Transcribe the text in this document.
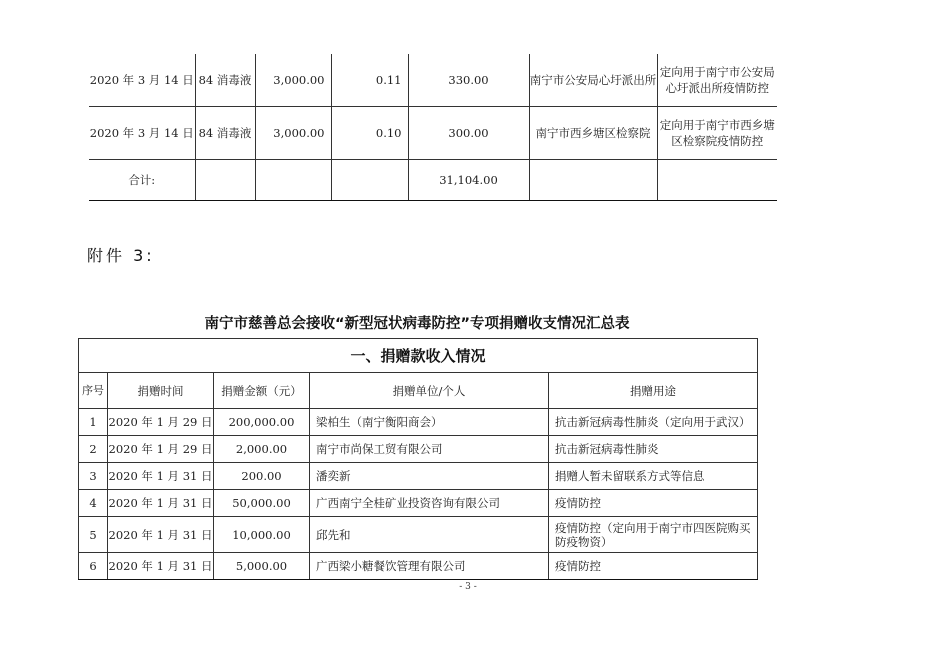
2020 年 3 月 14 日	84 消毒液	3,000.00	0.11	330.00	南宁市公安局心圩派出所	定向用于南宁市公安局心圩派出所疫情防控
2020 年 3 月 14 日	84 消毒液	3,000.00	0.10	300.00	南宁市西乡塘区检察院	定向用于南宁市西乡塘区检察院疫情防控
合计:				31,104.00		
附件 3:
南宁市慈善总会接收“新型冠状病毒防控”专项捐赠收支情况汇总表
一、捐赠款收入情况				
序号	捐赠时间	捐赠金额（元）	捐赠单位/个人	捐赠用途
1	2020 年 1 月 29 日	200,000.00	梁柏生（南宁衡阳商会）	抗击新冠病毒性肺炎（定向用于武汉）
2	2020 年 1 月 29 日	2,000.00	南宁市尚保工贸有限公司	抗击新冠病毒性肺炎
3	2020 年 1 月 31 日	200.00	潘奕新	捐赠人暂未留联系方式等信息
4	2020 年 1 月 31 日	50,000.00	广西南宁全桂矿业投资咨询有限公司	疫情防控
5	2020 年 1 月 31 日	10,000.00	邱先和	疫情防控（定向用于南宁市四医院购买防疫物资）
6	2020 年 1 月 31 日	5,000.00	广西梁小糖餐饮管理有限公司	疫情防控
- 3 -
